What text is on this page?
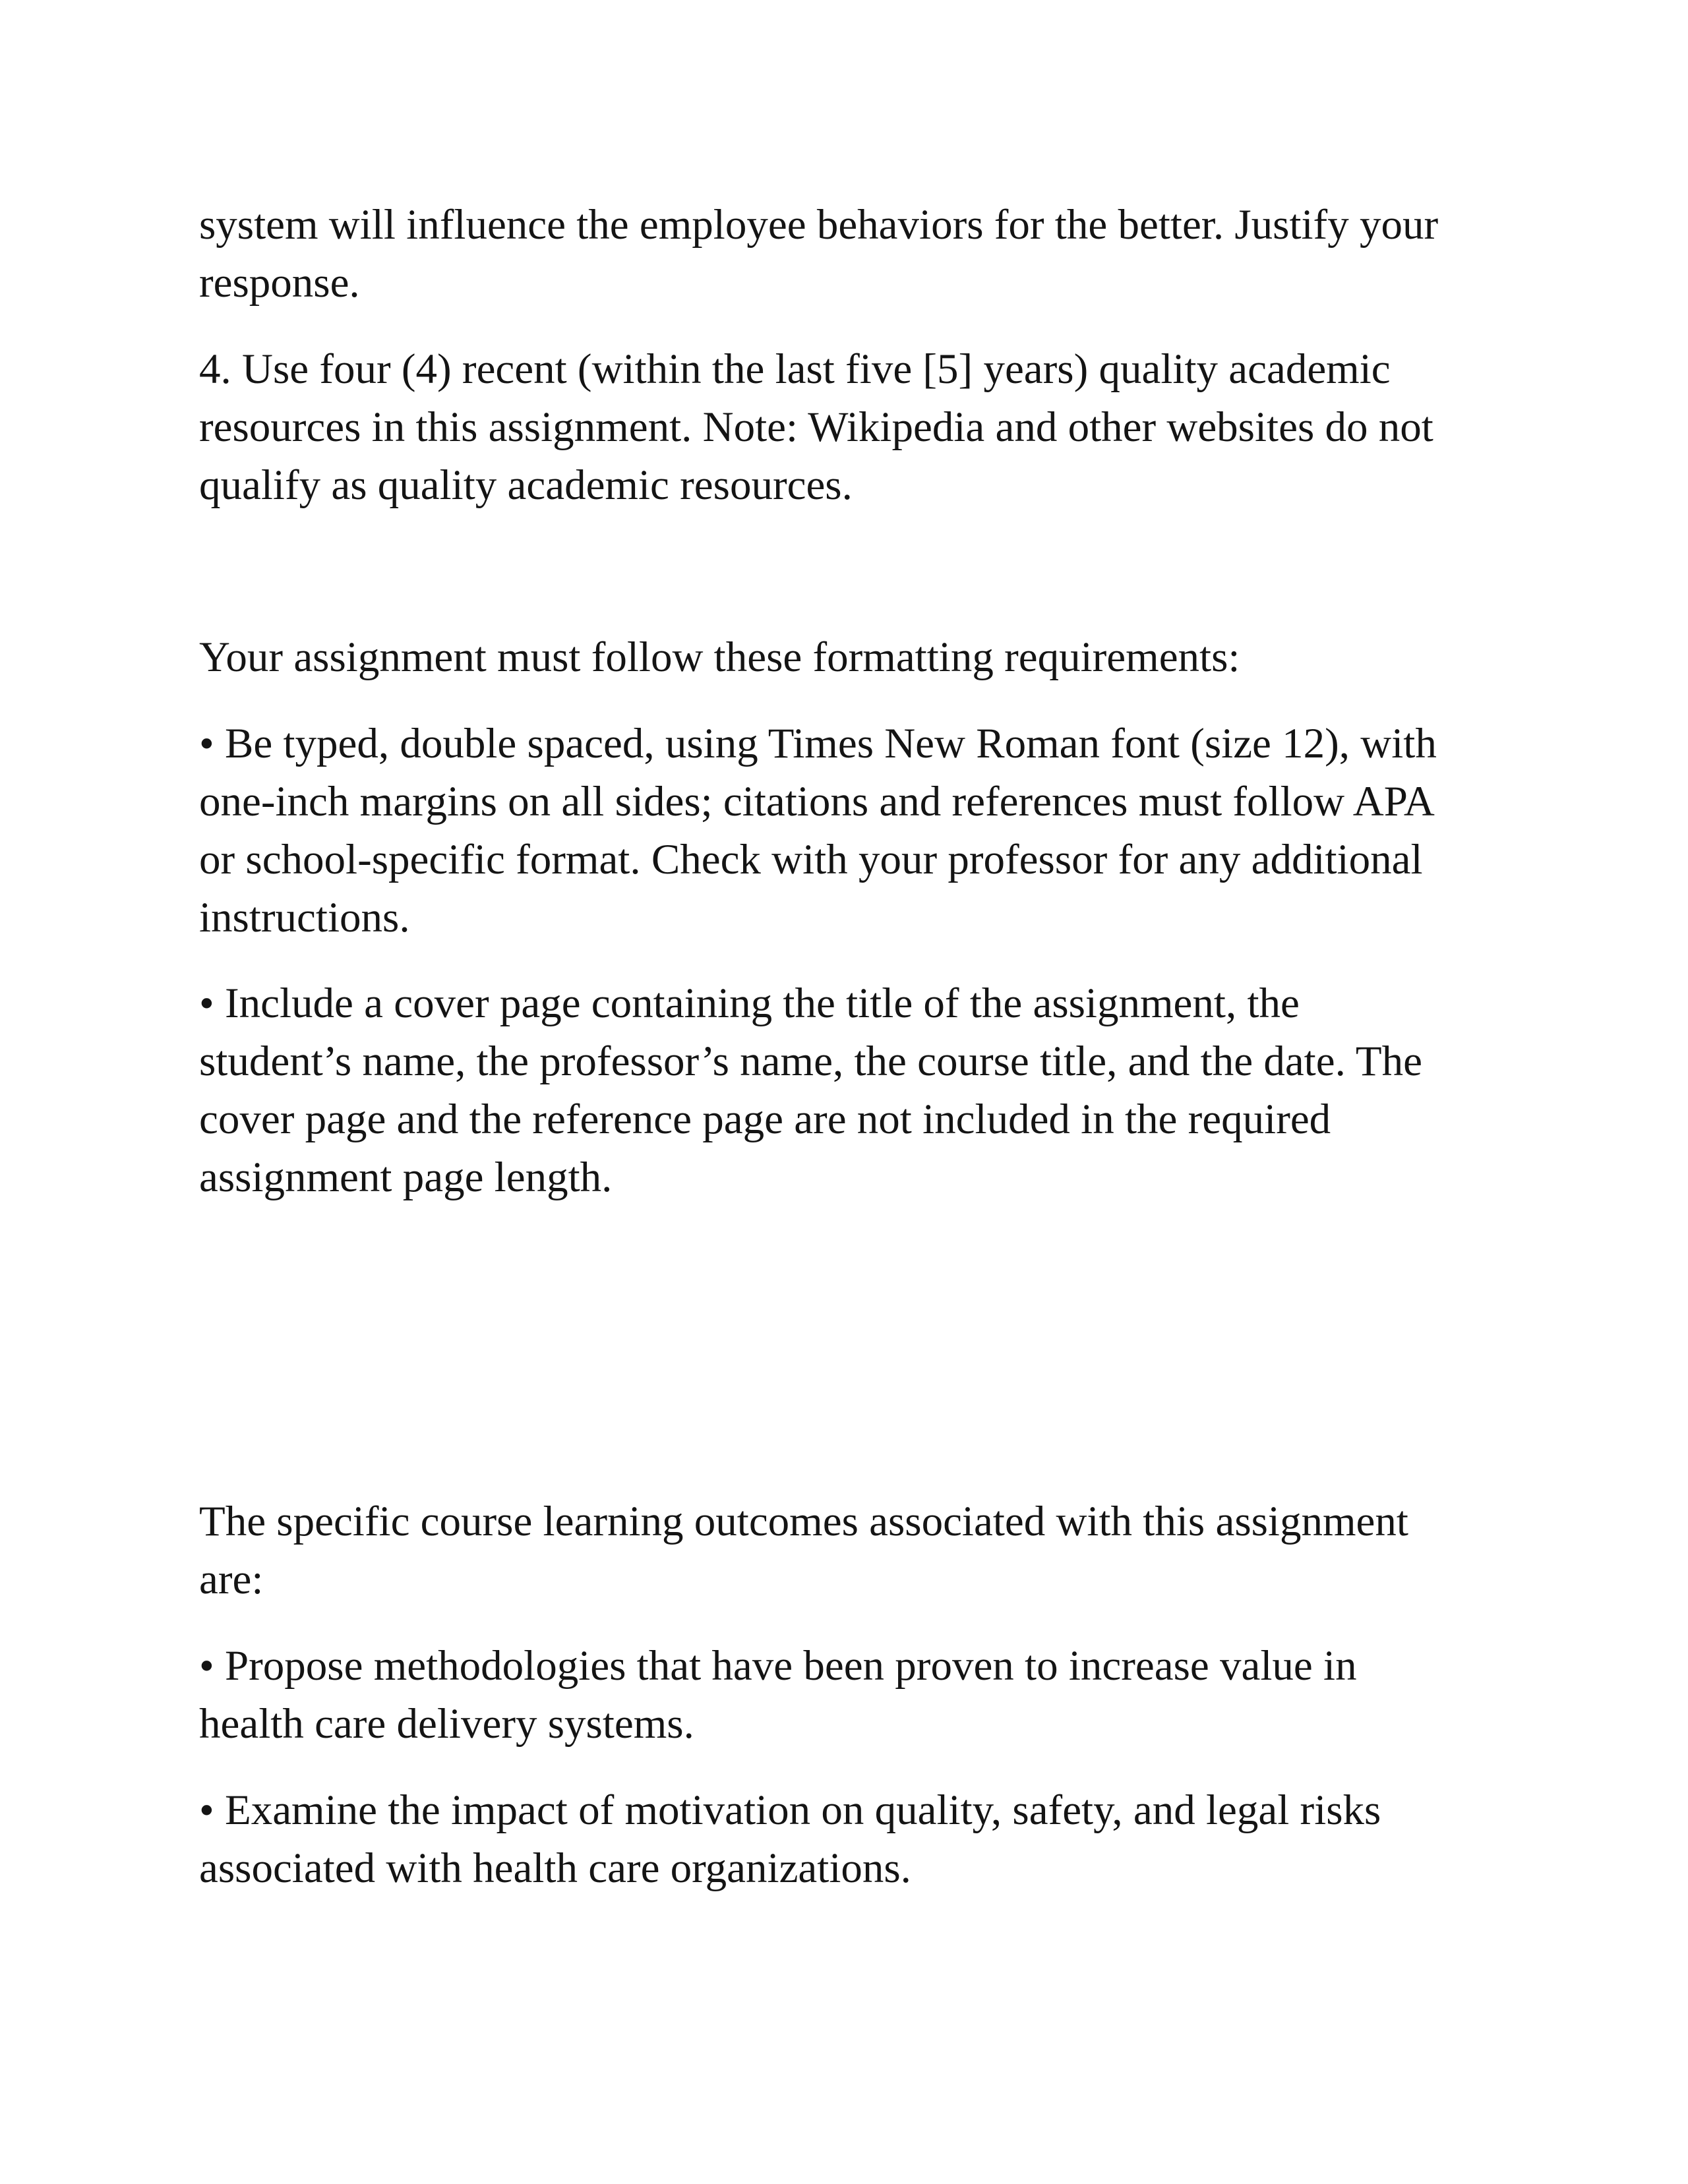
system will influence the employee behaviors for the better. Justify your
response.

4. Use four (4) recent (within the last five [5] years) quality academic
resources in this assignment. Note: Wikipedia and other websites do not
qualify as quality academic resources.

Your assignment must follow these formatting requirements:

• Be typed, double spaced, using Times New Roman font (size 12), with
one-inch margins on all sides; citations and references must follow APA
or school-specific format. Check with your professor for any additional
instructions.

• Include a cover page containing the title of the assignment, the
student’s name, the professor’s name, the course title, and the date. The
cover page and the reference page are not included in the required
assignment page length.

The specific course learning outcomes associated with this assignment
are:

• Propose methodologies that have been proven to increase value in
health care delivery systems.

• Examine the impact of motivation on quality, safety, and legal risks
associated with health care organizations.
